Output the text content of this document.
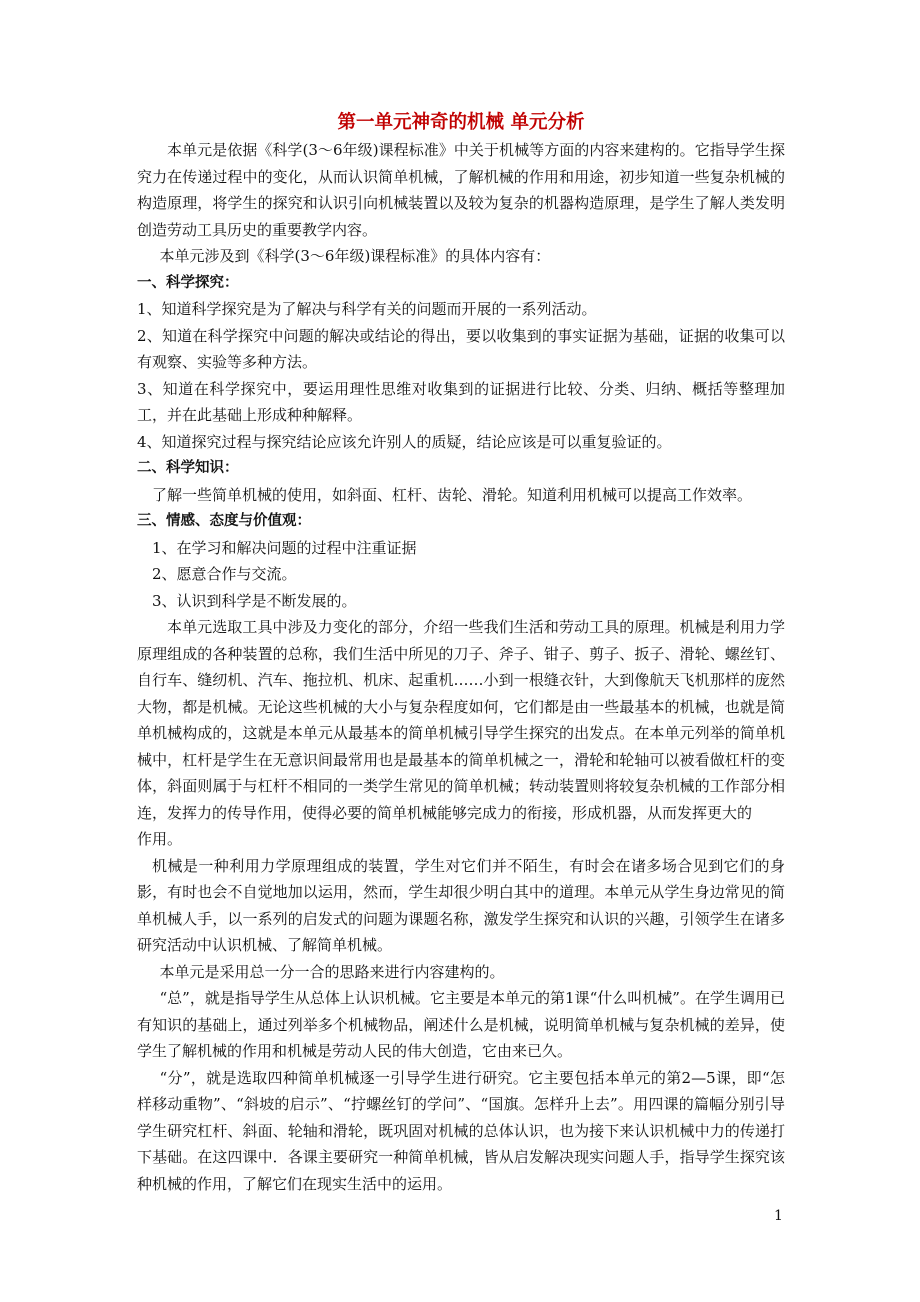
第一单元神奇的机械 单元分析

本单元是依据《科学(3～6年级)课程标准》中关于机械等方面的内容来建构的。它指导学生探究力在传递过程中的变化，从而认识简单机械，了解机械的作用和用途，初步知道一些复杂机械的构造原理，将学生的探究和认识引向机械装置以及较为复杂的机器构造原理，是学生了解人类发明创造劳动工具历史的重要教学内容。

本单元涉及到《科学(3～6年级)课程标准》的具体内容有：

一、科学探究：

1、知道科学探究是为了解决与科学有关的问题而开展的一系列活动。

2、知道在科学探究中问题的解决或结论的得出，要以收集到的事实证据为基础，证据的收集可以有观察、实验等多种方法。

3、知道在科学探究中，要运用理性思维对收集到的证据进行比较、分类、归纳、概括等整理加工，并在此基础上形成种种解释。

4、知道探究过程与探究结论应该允许别人的质疑，结论应该是可以重复验证的。

二、科学知识：

了解一些简单机械的使用，如斜面、杠杆、齿轮、滑轮。知道利用机械可以提高工作效率。

三、情感、态度与价值观：

1、在学习和解决问题的过程中注重证据

2、愿意合作与交流。

3、认识到科学是不断发展的。

本单元选取工具中涉及力变化的部分，介绍一些我们生活和劳动工具的原理。机械是利用力学原理组成的各种装置的总称，我们生活中所见的刀子、斧子、钳子、剪子、扳子、滑轮、螺丝钉、自行车、缝纫机、汽车、拖拉机、机床、起重机……小到一根缝衣针，大到像航天飞机那样的庞然大物，都是机械。无论这些机械的大小与复杂程度如何，它们都是由一些最基本的机械，也就是简单机械构成的，这就是本单元从最基本的简单机械引导学生探究的出发点。在本单元列举的简单机械中，杠杆是学生在无意识间最常用也是最基本的简单机械之一，滑轮和轮轴可以被看做杠杆的变体，斜面则属于与杠杆不相同的一类学生常见的简单机械；转动装置则将较复杂机械的工作部分相连，发挥力的传导作用，使得必要的简单机械能够完成力的衔接，形成机器，从而发挥更大的

作用。

机械是一种利用力学原理组成的装置，学生对它们并不陌生，有时会在诸多场合见到它们的身影，有时也会不自觉地加以运用，然而，学生却很少明白其中的道理。本单元从学生身边常见的简单机械人手，以一系列的启发式的问题为课题名称，激发学生探究和认识的兴趣，引领学生在诸多研究活动中认识机械、了解简单机械。

本单元是采用总一分一合的思路来进行内容建构的。

“总”，就是指导学生从总体上认识机械。它主要是本单元的第1课“什么叫机械”。在学生调用已有知识的基础上，通过列举多个机械物品，阐述什么是机械，说明简单机械与复杂机械的差异，使学生了解机械的作用和机械是劳动人民的伟大创造，它由来已久。

“分”，就是选取四种简单机械逐一引导学生进行研究。它主要包括本单元的第2—5课，即“怎样移动重物”、“斜坡的启示”、“拧螺丝钉的学问”、“国旗。怎样升上去”。用四课的篇幅分别引导学生研究杠杆、斜面、轮轴和滑轮，既巩固对机械的总体认识，也为接下来认识机械中力的传递打下基础。在这四课中．各课主要研究一种简单机械，皆从启发解决现实问题人手，指导学生探究该种机械的作用，了解它们在现实生活中的运用。

1
